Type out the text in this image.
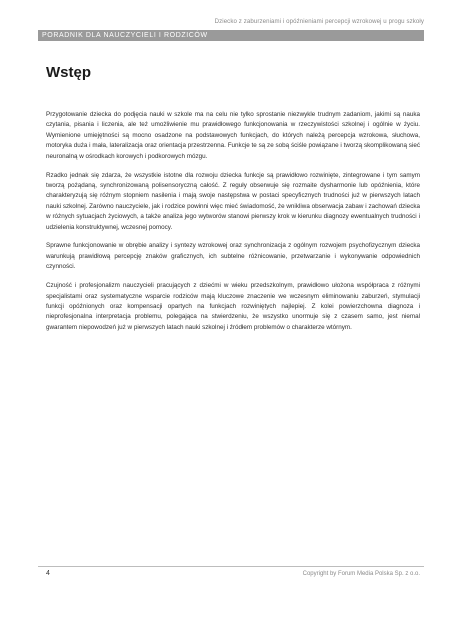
Dziecko z zaburzeniami i opóźnieniami percepcji wzrokowej u progu szkoły
PORADNIK DLA NAUCZYCIELI I RODZICÓW
Wstęp

Przygotowanie dziecka do podjęcia nauki w szkole ma na celu nie tylko sprostanie niezwykle trudnym zadaniom, jakimi są nauka czytania, pisania i liczenia, ale też umożliwienie mu prawidłowego funkcjonowania w rzeczywistości szkolnej i ogólnie w życiu. Wymienione umiejętności są mocno osadzone na podstawowych funkcjach, do których należą percepcja wzrokowa, słuchowa, motoryka duża i mała, lateralizacja oraz orientacja przestrzenna. Funkcje te są ze sobą ściśle powiązane i tworzą skomplikowaną sieć neuronalną w ośrodkach korowych i podkorowych mózgu.

Rzadko jednak się zdarza, że wszystkie istotne dla rozwoju dziecka funkcje są prawidłowo rozwinięte, zintegrowane i tym samym tworzą pożądaną, synchronizowaną polisensoryczną całość. Z reguły obserwuje się rozmaite dysharmonie lub opóźnienia, które charakteryzują się różnym stopniem nasilenia i mają swoje następstwa w postaci specyficznych trudności już w pierwszych latach nauki szkolnej. Zarówno nauczyciele, jak i rodzice powinni więc mieć świadomość, że wnikliwa obserwacja zabaw i zachowań dziecka w różnych sytuacjach życiowych, a także analiza jego wytworów stanowi pierwszy krok w kierunku diagnozy ewentualnych trudności i udzielenia konstruktywnej, wczesnej pomocy.

Sprawne funkcjonowanie w obrębie analizy i syntezy wzrokowej oraz synchronizacja z ogólnym rozwojem psychofizycznym dziecka warunkują prawidłową percepcję znaków graficznych, ich subtelne różnicowanie, przetwarzanie i wykonywanie odpowiednich czynności.

Czujność i profesjonalizm nauczycieli pracujących z dziećmi w wieku przedszkolnym, prawidłowo ułożona współpraca z różnymi specjalistami oraz systematyczne wsparcie rodziców mają kluczowe znaczenie we wczesnym eliminowaniu zaburzeń, stymulacji funkcji opóźnionych oraz kompensacji opartych na funkcjach rozwiniętych najlepiej. Z kolei powierzchowna diagnoza i nieprofesjonalna interpretacja problemu, polegająca na stwierdzeniu, że wszystko unormuje się z czasem samo, jest niemal gwarantem niepowodzeń już w pierwszych latach nauki szkolnej i źródłem problemów o charakterze wtórnym.

4	Copyright by Forum Media Polska Sp. z o.o.
